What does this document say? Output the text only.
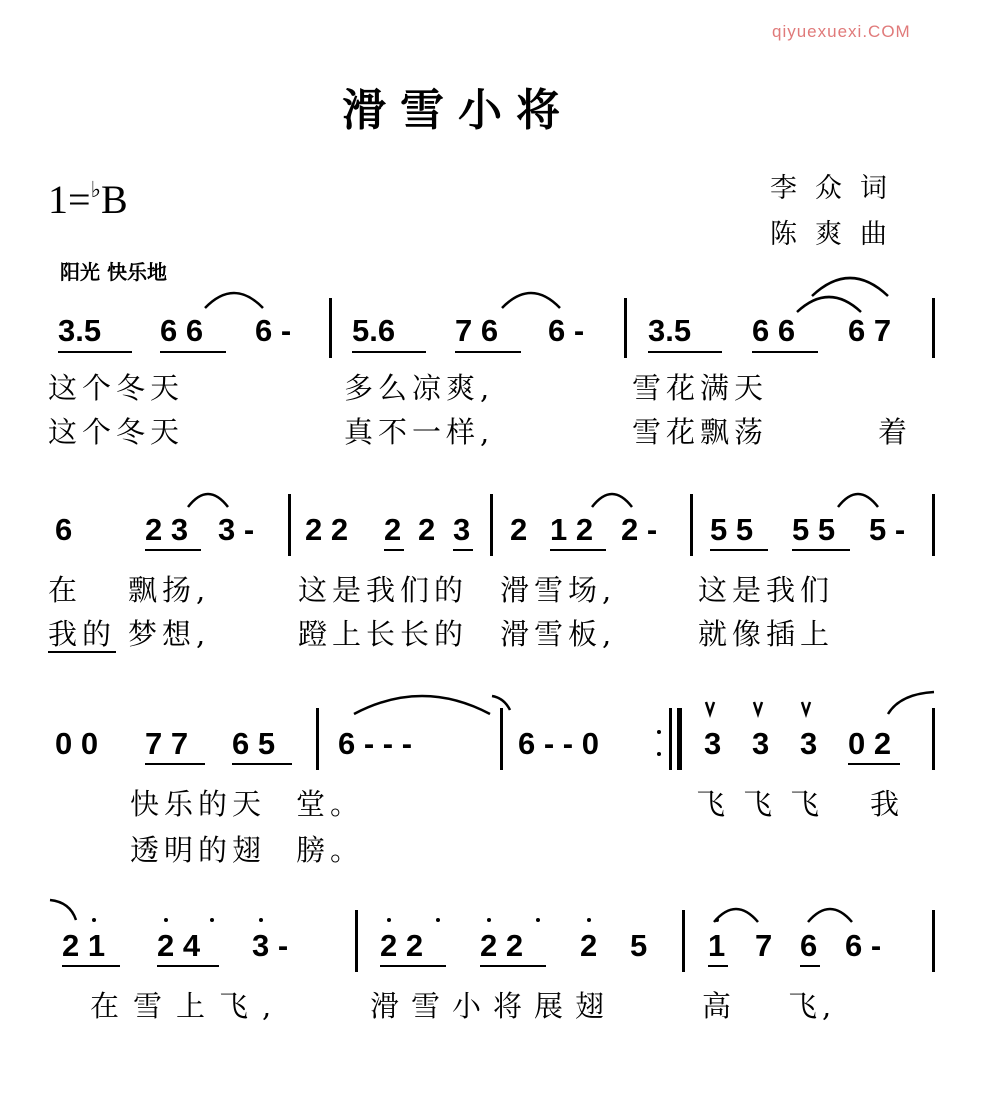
qiyuexuexi.COM
滑雪小将
1=♭B	李众词
陈爽曲
阳光 快乐地
3.5 6 6 6 - 5.6 7 6 6 - 3.5 6 6 6 7
这个冬天	多么凉爽,	雪花满天
这个冬天	真不一样,	雪花飘荡	着
6 2 3 3 - 2 2 2 2 3 2 1 2 2 - 5 5 5 5 5 -
在 飘扬,	这是我们的 滑雪场,	这是我们
我的 梦想,	蹬上长长的 滑雪板,	就像插上
0 0 7 7 6 5 6 - - -	6 - - 0	3 3 3 0 2
快乐的天 堂。	飞飞飞 我
透明的翅 膀。
2 1 2 4 3 -	2 2 2 2 2 5 1 7 6 6 -
在雪上飞,	滑雪小将展翅	高 飞,
